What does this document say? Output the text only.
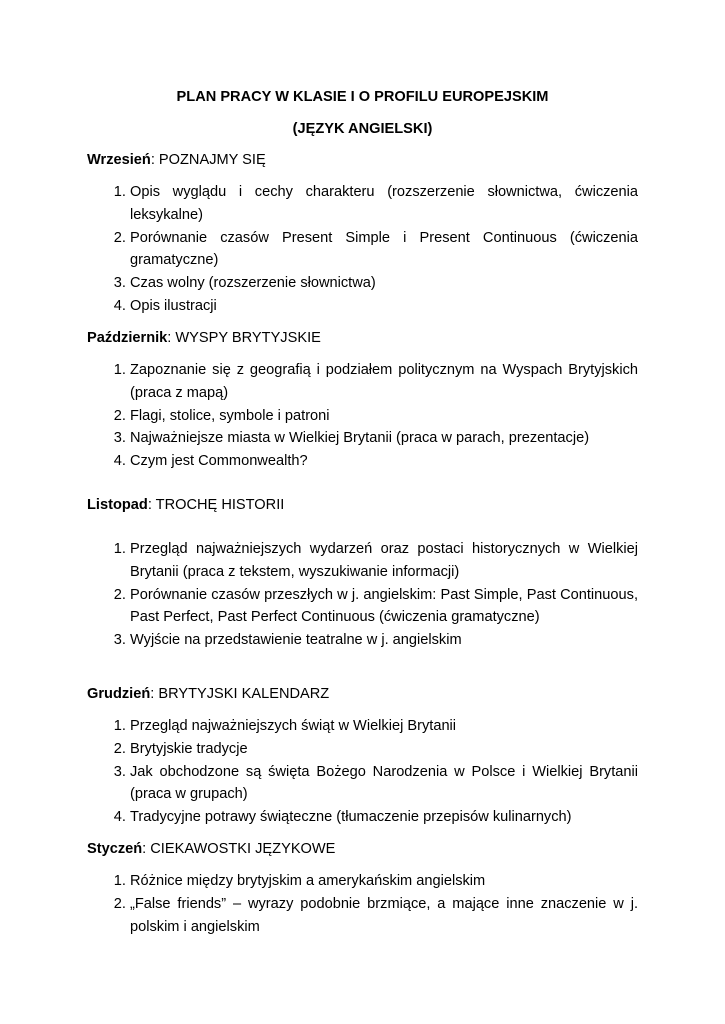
PLAN PRACY W KLASIE I O PROFILU EUROPEJSKIM
(JĘZYK ANGIELSKI)

Wrzesień: POZNAJMY SIĘ

1. Opis wyglądu i cechy charakteru (rozszerzenie słownictwa, ćwiczenia leksykalne)
2. Porównanie czasów Present Simple i Present Continuous (ćwiczenia gramatyczne)
3. Czas wolny (rozszerzenie słownictwa)
4. Opis ilustracji

Październik: WYSPY BRYTYJSKIE

1. Zapoznanie się z geografią i podziałem politycznym na Wyspach Brytyjskich (praca z mapą)
2. Flagi, stolice, symbole i patroni
3. Najważniejsze miasta w Wielkiej Brytanii (praca w parach, prezentacje)
4. Czym jest Commonwealth?

Listopad: TROCHĘ HISTORII

1. Przegląd najważniejszych wydarzeń oraz postaci historycznych w Wielkiej Brytanii (praca z tekstem, wyszukiwanie informacji)
2. Porównanie czasów przeszłych w j. angielskim: Past Simple, Past Continuous, Past Perfect, Past Perfect Continuous (ćwiczenia gramatyczne)
3. Wyjście na przedstawienie teatralne w j. angielskim

Grudzień: BRYTYJSKI KALENDARZ

1. Przegląd najważniejszych świąt w Wielkiej Brytanii
2. Brytyjskie tradycje
3. Jak obchodzone są święta Bożego Narodzenia w Polsce i Wielkiej Brytanii (praca w grupach)
4. Tradycyjne potrawy świąteczne (tłumaczenie przepisów kulinarnych)

Styczeń: CIEKAWOSTKI JĘZYKOWE

1. Różnice między brytyjskim a amerykańskim angielskim
2. „False friends” – wyrazy podobnie brzmiące, a mające inne znaczenie w j. polskim i angielskim
